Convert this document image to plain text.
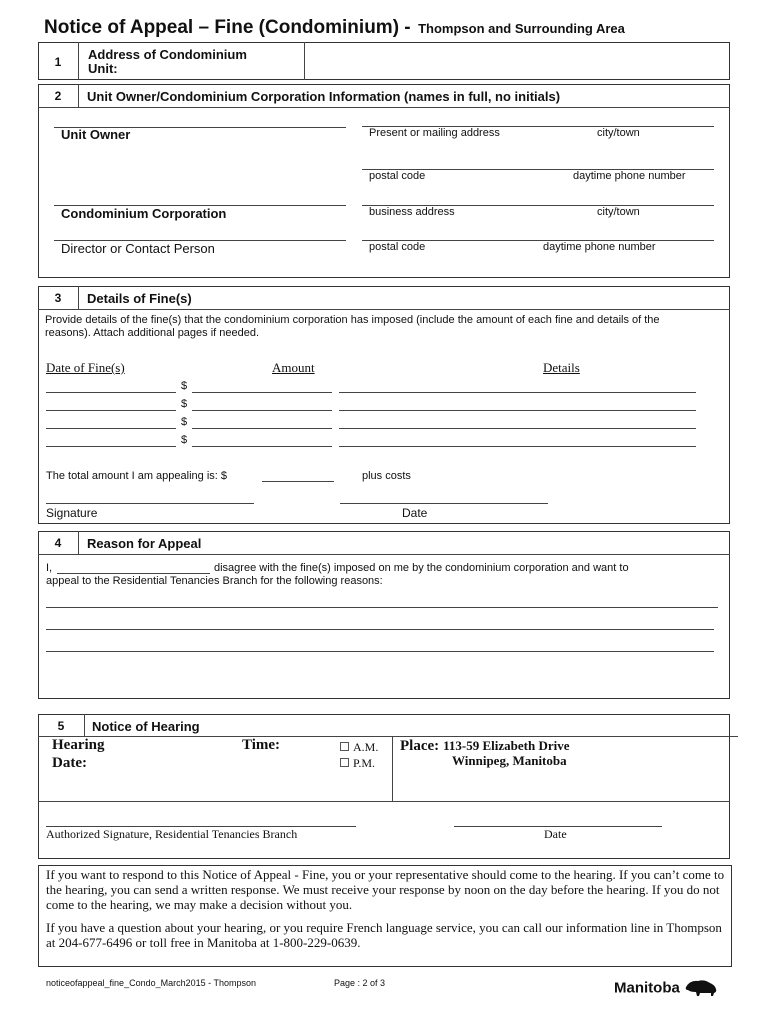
Notice of Appeal – Fine (Condominium) - Thompson and Surrounding Area
1	Address of Condominium
Unit:
2	Unit Owner/Condominium Corporation Information (names in full, no initials)
Unit Owner	Present or mailing address	city/town
postal code	daytime phone number
Condominium Corporation	business address	city/town
Director or Contact Person	postal code	daytime phone number
3	Details of Fine(s)
Provide details of the fine(s) that the condominium corporation has imposed (include the amount of each fine and details of the reasons). Attach additional pages if needed.
Date of Fine(s)	Amount	Details
$
$
$
$
The total amount I am appealing is: $	plus costs
Signature	Date
4	Reason for Appeal
I,	disagree with the fine(s) imposed on me by the condominium corporation and want to
appeal to the Residential Tenancies Branch for the following reasons:
5	Notice of Hearing
Hearing
Date:
Time:	A.M.
P.M.
Place: 113-59 Elizabeth Drive
Winnipeg, Manitoba
Authorized Signature, Residential Tenancies Branch	Date
If you want to respond to this Notice of Appeal - Fine, you or your representative should come to the hearing. If you can’t come to the hearing, you can send a written response. We must receive your response by noon on the day before the hearing. If you do not come to the hearing, we may make a decision without you.
If you have a question about your hearing, or you require French language service, you can call our information line in Thompson at 204-677-6496 or toll free in Manitoba at 1-800-229-0639.
noticeofappeal_fine_Condo_March2015 - Thompson	Page : 2 of 3	Manitoba
